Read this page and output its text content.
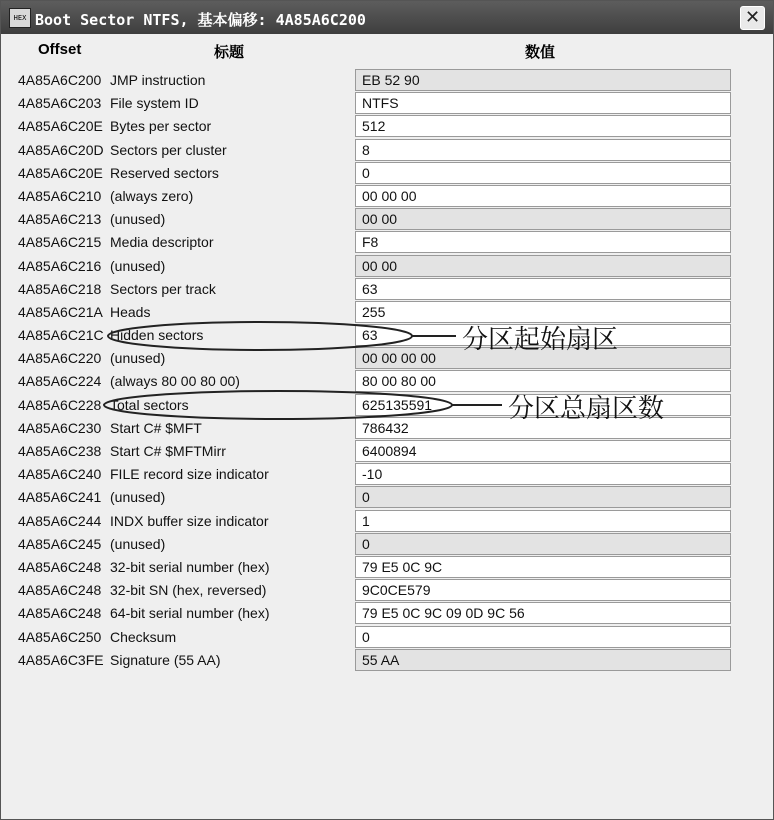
HEX Boot Sector NTFS, 基本偏移: 4A85A6C200	✕
Offset	标题	数值
4A85A6C200 JMP instruction	EB 52 90
4A85A6C203 File system ID	NTFS
4A85A6C20E Bytes per sector	512
4A85A6C20D Sectors per cluster	8
4A85A6C20E Reserved sectors	0
4A85A6C210 (always zero)	00 00 00
4A85A6C213 (unused)	00 00
4A85A6C215 Media descriptor	F8
4A85A6C216 (unused)	00 00
4A85A6C218 Sectors per track	63
4A85A6C21A Heads	255
4A85A6C21C Hidden sectors	63
4A85A6C220 (unused)	00 00 00 00
4A85A6C224 (always 80 00 80 00)	80 00 80 00
4A85A6C228 Total sectors	625135591
4A85A6C230 Start C# $MFT	786432
4A85A6C238 Start C# $MFTMirr	6400894
4A85A6C240 FILE record size indicator	-10
4A85A6C241 (unused)	0
4A85A6C244 INDX buffer size indicator	1
4A85A6C245 (unused)	0
4A85A6C248 32-bit serial number (hex)	79 E5 0C 9C
4A85A6C248 32-bit SN (hex, reversed)	9C0CE579
4A85A6C248 64-bit serial number (hex)	79 E5 0C 9C 09 0D 9C 56
4A85A6C250 Checksum	0
4A85A6C3FE Signature (55 AA)	55 AA
分区起始扇区
分区总扇区数
